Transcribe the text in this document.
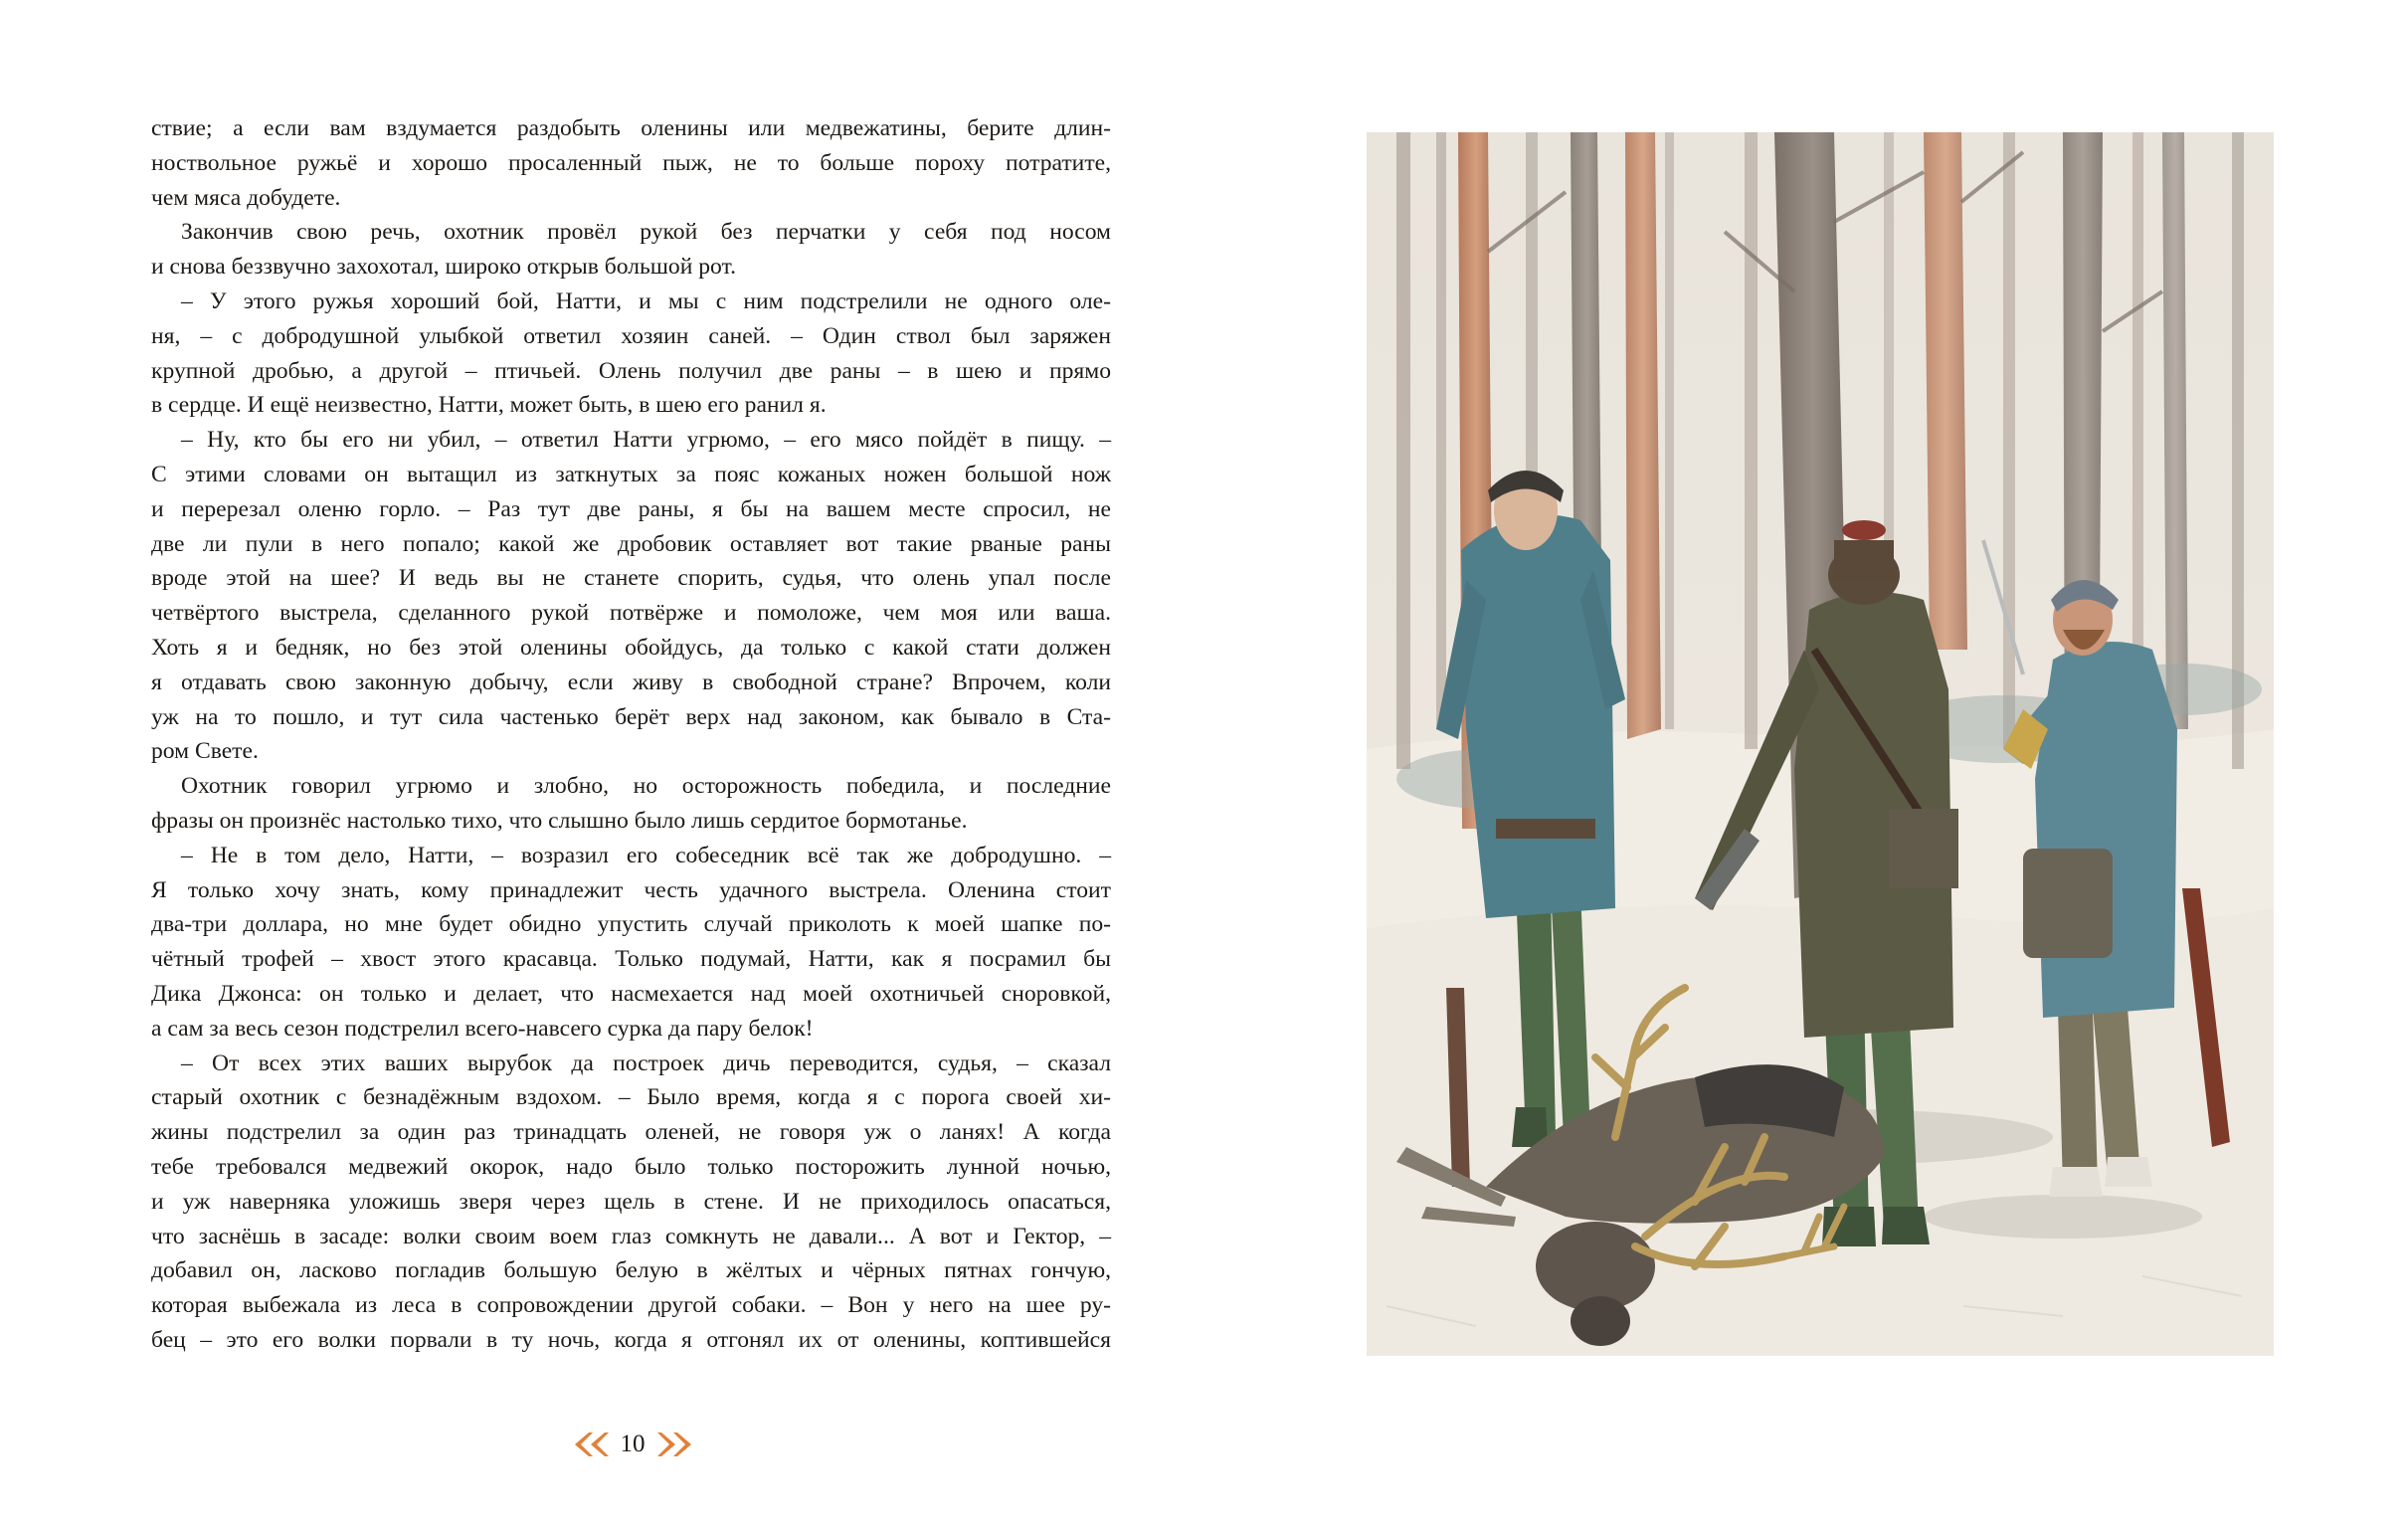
ствие; а если вам вздумается раздобыть оленины или медвежатины, берите длин-
ноствольное ружьё и хорошо просаленный пыж, не то больше пороху потратите,
чем мяса добудете.
Закончив свою речь, охотник провёл рукой без перчатки у себя под носом
и снова беззвучно захохотал, широко открыв большой рот.
– У этого ружья хороший бой, Натти, и мы с ним подстрелили не одного оле-
ня, – с добродушной улыбкой ответил хозяин саней. – Один ствол был заряжен
крупной дробью, а другой – птичьей. Олень получил две раны – в шею и прямо
в сердце. И ещё неизвестно, Натти, может быть, в шею его ранил я.
– Ну, кто бы его ни убил, – ответил Натти угрюмо, – его мясо пойдёт в пищу. –
С этими словами он вытащил из заткнутых за пояс кожаных ножен большой нож
и перерезал оленю горло. – Раз тут две раны, я бы на вашем месте спросил, не
две ли пули в него попало; какой же дробовик оставляет вот такие рваные раны
вроде этой на шее? И ведь вы не станете спорить, судья, что олень упал после
четвёртого выстрела, сделанного рукой потвёрже и помоложе, чем моя или ваша.
Хоть я и бедняк, но без этой оленины обойдусь, да только с какой стати должен
я отдавать свою законную добычу, если живу в свободной стране? Впрочем, коли
уж на то пошло, и тут сила частенько берёт верх над законом, как бывало в Ста-
ром Свете.
Охотник говорил угрюмо и злобно, но осторожность победила, и последние
фразы он произнёс настолько тихо, что слышно было лишь сердитое бормотанье.
– Не в том дело, Натти, – возразил его собеседник всё так же добродушно. –
Я только хочу знать, кому принадлежит честь удачного выстрела. Оленина стоит
два-три доллара, но мне будет обидно упустить случай приколоть к моей шапке по-
чётный трофей – хвост этого красавца. Только подумай, Натти, как я посрамил бы
Дика Джонса: он только и делает, что насмехается над моей охотничьей сноровкой,
а сам за весь сезон подстрелил всего-навсего сурка да пару белок!
– От всех этих ваших вырубок да построек дичь переводится, судья, – сказал
старый охотник с безнадёжным вздохом. – Было время, когда я с порога своей хи-
жины подстрелил за один раз тринадцать оленей, не говоря уж о ланях! А когда
тебе требовался медвежий окорок, надо было только посторожить лунной ночью,
и уж наверняка уложишь зверя через щель в стене. И не приходилось опасаться,
что заснёшь в засаде: волки своим воем глаз сомкнуть не давали... А вот и Гектор, –
добавил он, ласково погладив большую белую в жёлтых и чёрных пятнах гончую,
которая выбежала из леса в сопровождении другой собаки. – Вон у него на шее ру-
бец – это его волки порвали в ту ночь, когда я отгонял их от оленины, коптившейся
10
